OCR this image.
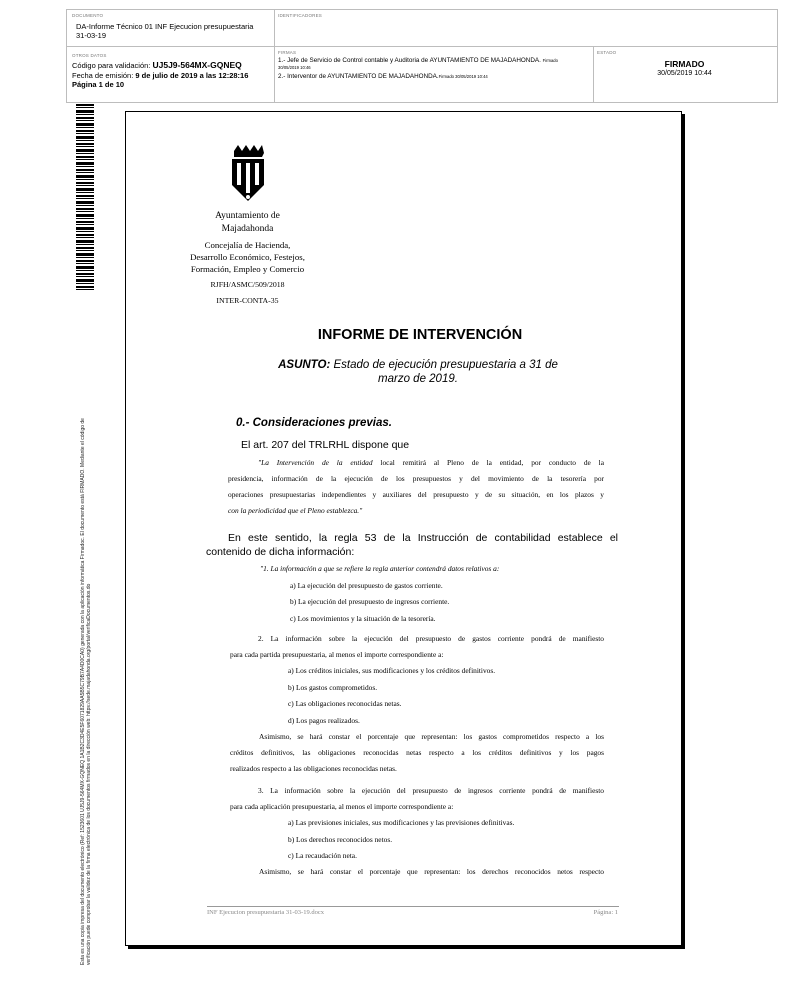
DOCUMENTO
DA-Informe Técnico 01 INF Ejecucion presupuestaria 31-03-19
IDENTIFICADORES
OTROS DATOS
Código para validación: UJ5J9-564MX-GQNEQ
Fecha de emisión: 9 de julio de 2019 a las 12:28:16
Página 1 de 10
FIRMAS
1.- Jefe de Servicio de Control contable y Auditoria de AYUNTAMIENTO DE MAJADAHONDA. Firmado
30/05/2019 10:46
2.- Interventor de AYUNTAMIENTO DE MAJADAHONDA.Firmado 30/05/2019 10:44
ESTADO
FIRMADO
30/05/2019 10:44
Esta es una copia impresa del documento electrónico (Ref: 1523601 UJ5J9-564MX-GQNEQ 1A1B2C3D4E5F6071829AA5B5C79B7A4D0CA0) generada con la aplicación informática Firmadoc. El documento está FIRMADO. Mediante el código de verificación puede comprobar la validez de la firma electrónica de los documentos firmados en la dirección web: https://sede.majadahonda.org/portal/verificaDocumentos.do
Ayuntamiento de
Majadahonda
Concejalía de Hacienda,
Desarrollo Económico, Festejos,
Formación, Empleo y Comercio
RJFH/ASMC/509/2018
INTER-CONTA-35
INFORME DE INTERVENCIÓN
ASUNTO: Estado de ejecución presupuestaria a 31 de
marzo de 2019.
0.- Consideraciones previas.
El art. 207 del TRLRHL dispone que
"La Intervención de la entidad local remitirá al Pleno de la entidad, por conducto de la
presidencia, información de la ejecución de los presupuestos y del movimiento de la tesorería por
operaciones presupuestarias independientes y auxiliares del presupuesto y de su situación, en los plazos y
con la periodicidad que el Pleno establezca."
En este sentido, la regla 53 de la Instrucción de contabilidad establece el
contenido de dicha información:
"1. La información a que se refiere la regla anterior contendrá datos relativos a:
a) La ejecución del presupuesto de gastos corriente.
b) La ejecución del presupuesto de ingresos corriente.
c) Los movimientos y la situación de la tesorería.
2. La información sobre la ejecución del presupuesto de gastos corriente pondrá de manifiesto
para cada partida presupuestaria, al menos el importe correspondiente a:
a) Los créditos iniciales, sus modificaciones y los créditos definitivos.
b) Los gastos comprometidos.
c) Las obligaciones reconocidas netas.
d) Los pagos realizados.
Asimismo, se hará constar el porcentaje que representan: los gastos comprometidos respecto a los
créditos definitivos, las obligaciones reconocidas netas respecto a los créditos definitivos y los pagos
realizados respecto a las obligaciones reconocidas netas.
3. La información sobre la ejecución del presupuesto de ingresos corriente pondrá de manifiesto
para cada aplicación presupuestaria, al menos el importe correspondiente a:
a) Las previsiones iniciales, sus modificaciones y las previsiones definitivas.
b) Los derechos reconocidos netos.
c) La recaudación neta.
Asimismo, se hará constar el porcentaje que representan: los derechos reconocidos netos respecto
INF Ejecucion presupuestaria 31-03-19.docx	Página: 1
